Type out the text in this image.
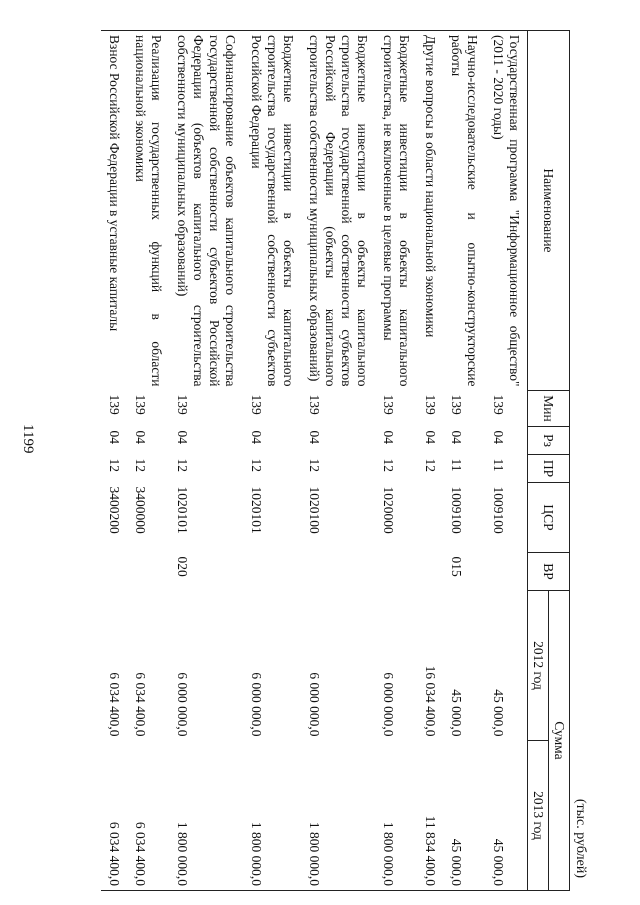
1199
(тыс. рублей)
Наименование	Мин	Рз	ПР	ЦСР	ВР	Сумма	
						2012 год	2013 год
Государственная программа "Информационное общество" (2011 - 2020 годы)	139	04	11	1009100		45 000,0	45 000,0
Научно-исследовательские и опытно-конструкторские работы	139	04	11	1009100	015	45 000,0	45 000,0
Другие вопросы в области национальной экономики	139	04	12			16 034 400,0	11 834 400,0
Бюджетные инвестиции в объекты капитального строительства, не включенные в целевые программы	139	04	12	1020000		6 000 000,0	1 800 000,0
Бюджетные инвестиции в объекты капитального строительства государственной собственности субъектов Российской Федерации (объекты капитального строительства собственности муниципальных образований)	139	04	12	1020100		6 000 000,0	1 800 000,0
Бюджетные инвестиции в объекты капитального строительства государственной собственности субъектов Российской Федерации	139	04	12	1020101		6 000 000,0	1 800 000,0
Софинансирование объектов капитального строительства государственной собственности субъектов Российской Федерации (объектов капитального строительства собственности муниципальных образований)	139	04	12	1020101	020	6 000 000,0	1 800 000,0
Реализация государственных функций в области национальной экономики	139	04	12	3400000		6 034 400,0	6 034 400,0
Взнос Российской Федерации в уставные капиталы	139	04	12	3400200		6 034 400,0	6 034 400,0
